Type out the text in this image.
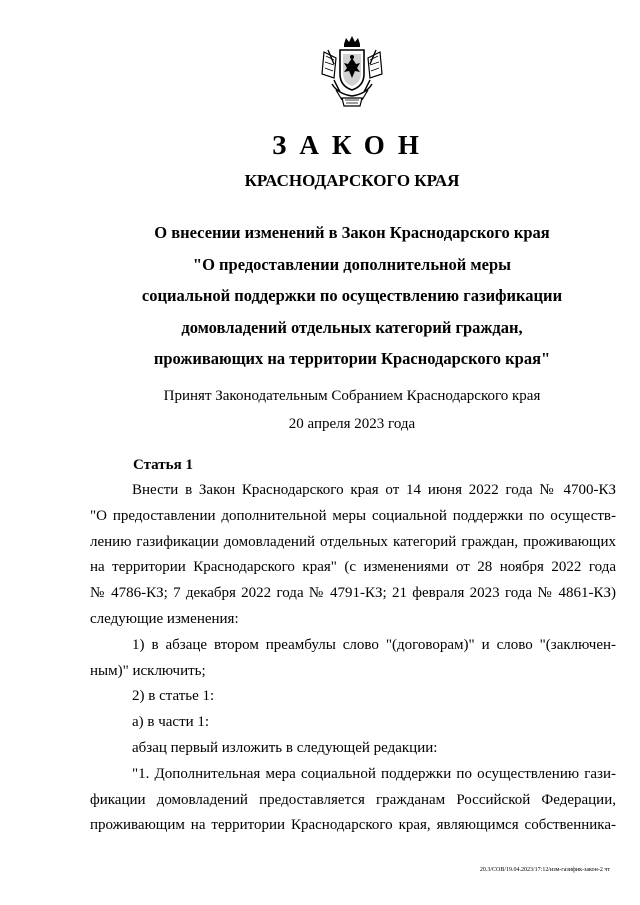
ЗАКОН
КРАСНОДАРСКОГО КРАЯ
О внесении изменений в Закон Краснодарского края
"О предоставлении дополнительной меры
социальной поддержки по осуществлению газификации
домовладений отдельных категорий граждан,
проживающих на территории Краснодарского края"
Принят Законодательным Собранием Краснодарского края
20 апреля 2023 года
Статья 1
Внести в Закон Краснодарского края от 14 июня 2022 года № 4700-КЗ
"О предоставлении дополнительной меры социальной поддержки по осуществ-
лению газификации домовладений отдельных категорий граждан, проживающих
на территории Краснодарского края" (с изменениями от 28 ноября 2022 года
№ 4786-КЗ; 7 декабря 2022 года № 4791-КЗ; 21 февраля 2023 года № 4861-КЗ)
следующие изменения:
1) в абзаце втором преамбулы слово "(договорам)" и слово "(заключен-
ным)" исключить;
2) в статье 1:
а) в части 1:
абзац первый изложить в следующей редакции:
"1. Дополнительная мера социальной поддержки по осуществлению гази-
фикации домовладений предоставляется гражданам Российской Федерации,
проживающим на территории Краснодарского края, являющимся собственника-
20.3/СОВ/19.04.2023/17:12/изм-газифик-закон-2 чт
